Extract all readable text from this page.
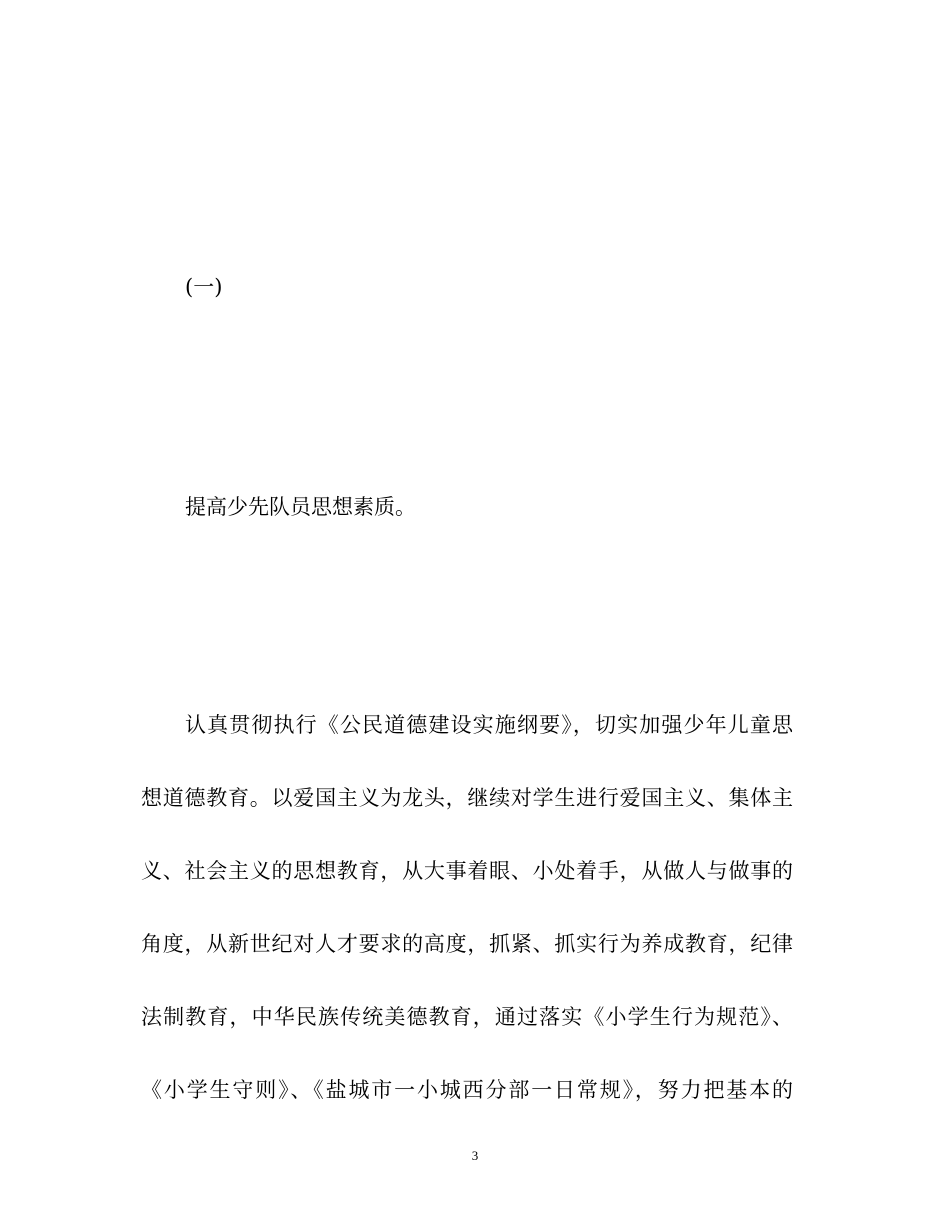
(一)
提高少先队员思想素质。
认真贯彻执行《公民道德建设实施纲要》，切实加强少年儿童思
想道德教育。以爱国主义为龙头，继续对学生进行爱国主义、集体主
义、社会主义的思想教育，从大事着眼、小处着手，从做人与做事的
角度，从新世纪对人才要求的高度，抓紧、抓实行为养成教育，纪律
法制教育，中华民族传统美德教育，通过落实《小学生行为规范》、
《小学生守则》、《盐城市一小城西分部一日常规》，努力把基本的
3
